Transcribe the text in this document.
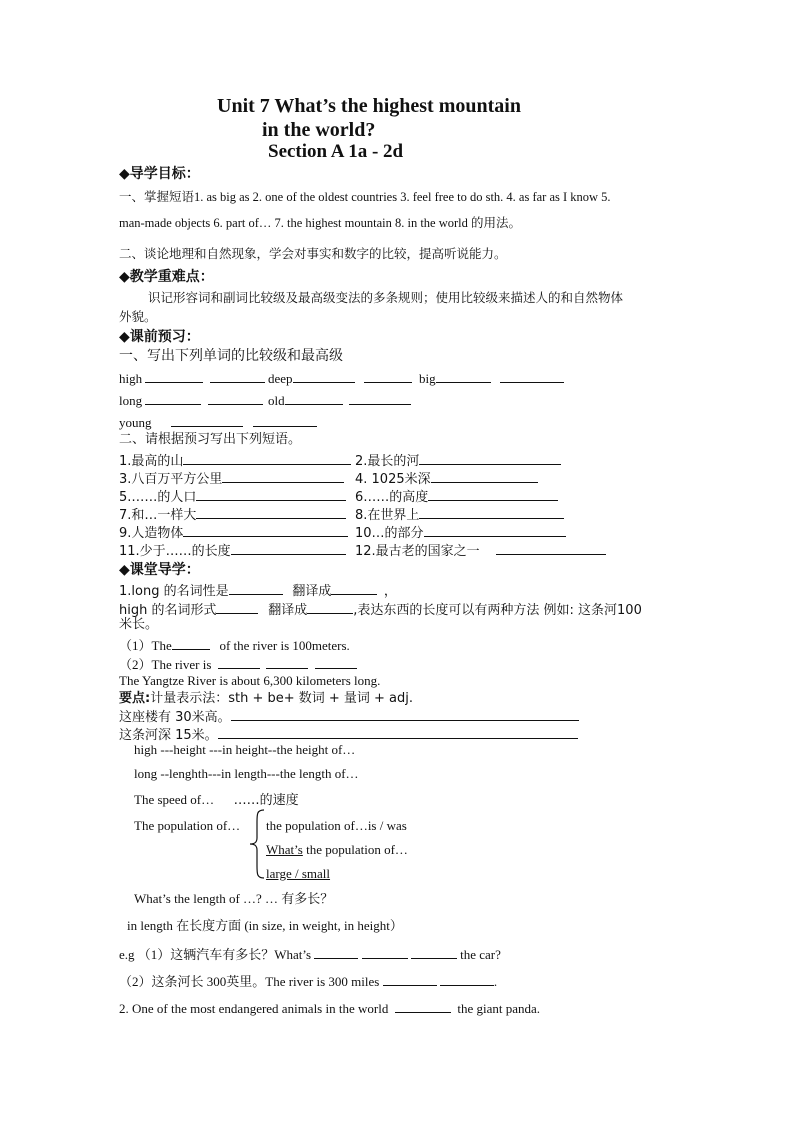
Unit 7 What’s the highest mountain
in the world?
Section A 1a - 2d
◆导学目标：
一、掌握短语1. as big as 2. one of the oldest countries 3. feel free to do sth. 4. as far as I know 5.
man-made objects 6. part of… 7. the highest mountain 8. in the world 的用法。
二、谈论地理和自然现象，学会对事实和数字的比较，提高听说能力。
◆教学重难点：
识记形容词和副词比较级及最高级变法的多条规则；使用比较级来描述人的和自然物体
外貌。
◆课前预习：
一、写出下列单词的比较级和最高级
high	deep	big
long	old
young
二、请根据预习写出下列短语。
1.最高的山	2.最长的河
3.八百万平方公里	4. 1025米深
5.……的人口	6……的高度
7.和…一样大	8.在世界上
9.人造物体	10…的部分
11.少于……的长度	12.最古老的国家之一
◆课堂导学：
1.long 的名词性是	翻译成	，
high 的名词形式	翻译成	,表达东西的长度可以有两种方法 例如: 这条河100
米长。
（1）The	of the river is 100meters.
（2）The river is
The Yangtze River is about 6,300 kilometers long.
要点:计量表示法：sth + be+ 数词 + 量词 + adj.
这座楼有 30米高。
这条河深 15米。
high ---height ---in height--the height of…
long --lenghth---in length---the length of…
The speed of… ……的速度
The population of… the population of…is / was
What’s the population of…
large / small
What’s the length of …? … 有多长？
in length 在长度方面 (in size, in weight, in height）
e.g （1）这辆汽车有多长？What’s	the car?
（2）这条河长 300英里。The river is 300 miles	.
2. One of the most endangered animals in the world	the giant panda.
